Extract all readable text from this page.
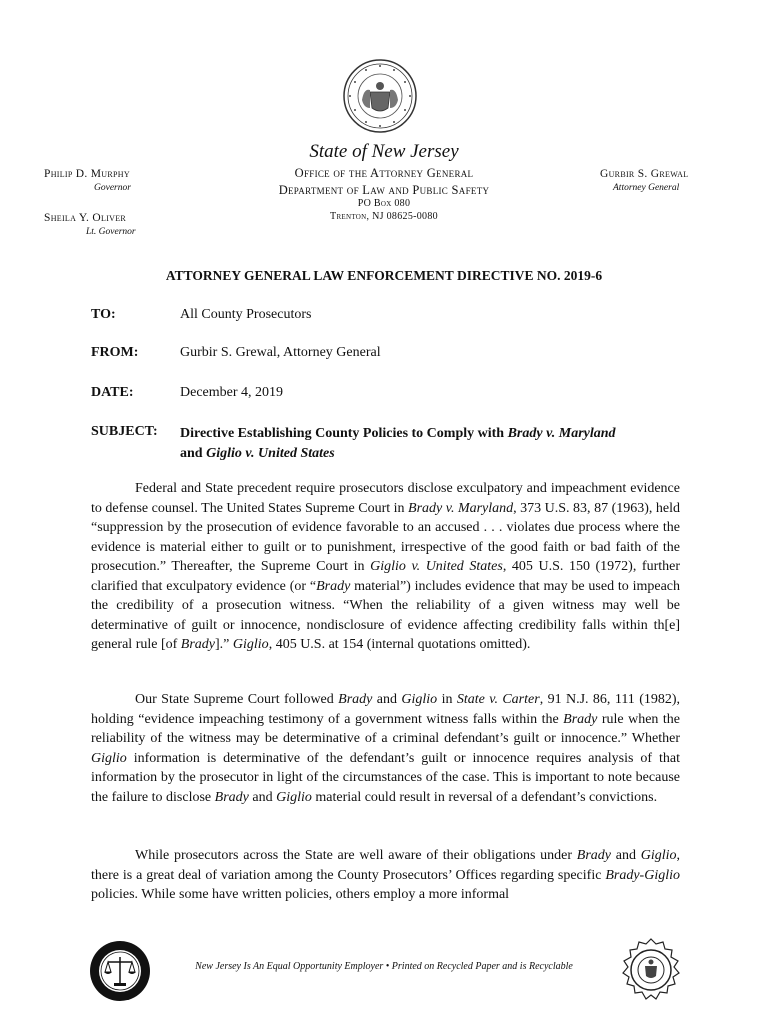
State of New Jersey
Philip D. Murphy
Governor
Sheila Y. Oliver
Lt. Governor
Office of the Attorney General
Department of Law and Public Safety
PO Box 080
Trenton, NJ 08625-0080
Gurbir S. Grewal
Attorney General
ATTORNEY GENERAL LAW ENFORCEMENT DIRECTIVE NO. 2019-6
TO:	All County Prosecutors
FROM:	Gurbir S. Grewal, Attorney General
DATE:	December 4, 2019
SUBJECT: Directive Establishing County Policies to Comply with Brady v. Maryland
and Giglio v. United States

Federal and State precedent require prosecutors disclose exculpatory and impeachment evidence to defense counsel. The United States Supreme Court in Brady v. Maryland, 373 U.S. 83, 87 (1963), held “suppression by the prosecution of evidence favorable to an accused . . . violates due process where the evidence is material either to guilt or to punishment, irrespective of the good faith or bad faith of the prosecution.” Thereafter, the Supreme Court in Giglio v. United States, 405 U.S. 150 (1972), further clarified that exculpatory evidence (or “Brady material”) includes evidence that may be used to impeach the credibility of a prosecution witness. “When the reliability of a given witness may well be determinative of guilt or innocence, nondisclosure of evidence affecting credibility falls within th[e] general rule [of Brady].” Giglio, 405 U.S. at 154 (internal quotations omitted).

Our State Supreme Court followed Brady and Giglio in State v. Carter, 91 N.J. 86, 111 (1982), holding “evidence impeaching testimony of a government witness falls within the Brady rule when the reliability of the witness may be determinative of a criminal defendant’s guilt or innocence.” Whether Giglio information is determinative of the defendant’s guilt or innocence requires analysis of that information by the prosecutor in light of the circumstances of the case. This is important to note because the failure to disclose Brady and Giglio material could result in reversal of a defendant’s convictions.

While prosecutors across the State are well aware of their obligations under Brady and Giglio, there is a great deal of variation among the County Prosecutors’ Offices regarding specific Brady-Giglio policies. While some have written policies, others employ a more informal

New Jersey Is An Equal Opportunity Employer • Printed on Recycled Paper and is Recyclable
